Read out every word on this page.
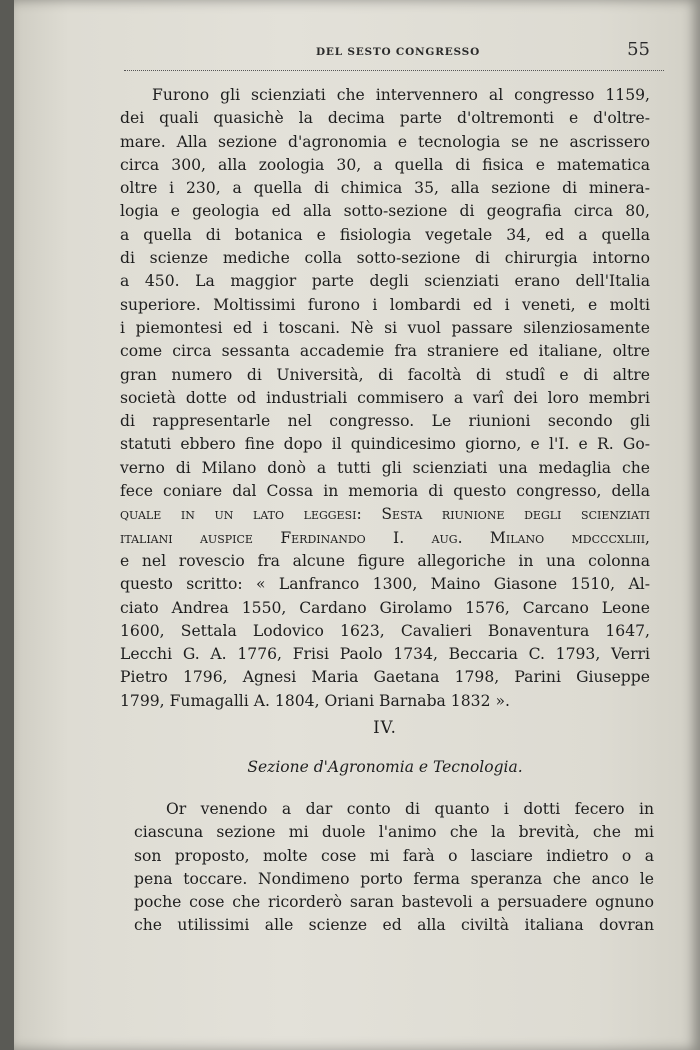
DEL SESTO CONGRESSO	55
Furono gli scienziati che intervennero al congresso 1159,
dei quali quasichè la decima parte d'oltremonti e d'oltre-
mare. Alla sezione d'agronomia e tecnologia se ne ascrissero
circa 300, alla zoologia 30, a quella di fisica e matematica
oltre i 230, a quella di chimica 35, alla sezione di minera-
logia e geologia ed alla sotto-sezione di geografia circa 80,
a quella di botanica e fisiologia vegetale 34, ed a quella
di scienze mediche colla sotto-sezione di chirurgia intorno
a 450. La maggior parte degli scienziati erano dell'Italia
superiore. Moltissimi furono i lombardi ed i veneti, e molti
i piemontesi ed i toscani. Nè si vuol passare silenziosamente
come circa sessanta accademie fra straniere ed italiane, oltre
gran numero di Università, di facoltà di studî e di altre
società dotte od industriali commisero a varî dei loro membri
di rappresentarle nel congresso. Le riunioni secondo gli
statuti ebbero fine dopo il quindicesimo giorno, e l'I. e R. Go-
verno di Milano donò a tutti gli scienziati una medaglia che
fece coniare dal Cossa in memoria di questo congresso, della
quale in un lato leggesi: Sesta riunione degli scienziati
italiani auspice Ferdinando I. aug. Milano mdcccxliii,
e nel rovescio fra alcune figure allegoriche in una colonna
questo scritto: « Lanfranco 1300, Maino Giasone 1510, Al-
ciato Andrea 1550, Cardano Girolamo 1576, Carcano Leone
1600, Settala Lodovico 1623, Cavalieri Bonaventura 1647,
Lecchi G. A. 1776, Frisi Paolo 1734, Beccaria C. 1793, Verri
Pietro 1796, Agnesi Maria Gaetana 1798, Parini Giuseppe
1799, Fumagalli A. 1804, Oriani Barnaba 1832 ».
IV.
Sezione d'Agronomia e Tecnologia.
Or venendo a dar conto di quanto i dotti fecero in
ciascuna sezione mi duole l'animo che la brevità, che mi
son proposto, molte cose mi farà o lasciare indietro o a
pena toccare. Nondimeno porto ferma speranza che anco le
poche cose che ricorderò saran bastevoli a persuadere ognuno
che utilissimi alle scienze ed alla civiltà italiana dovran
